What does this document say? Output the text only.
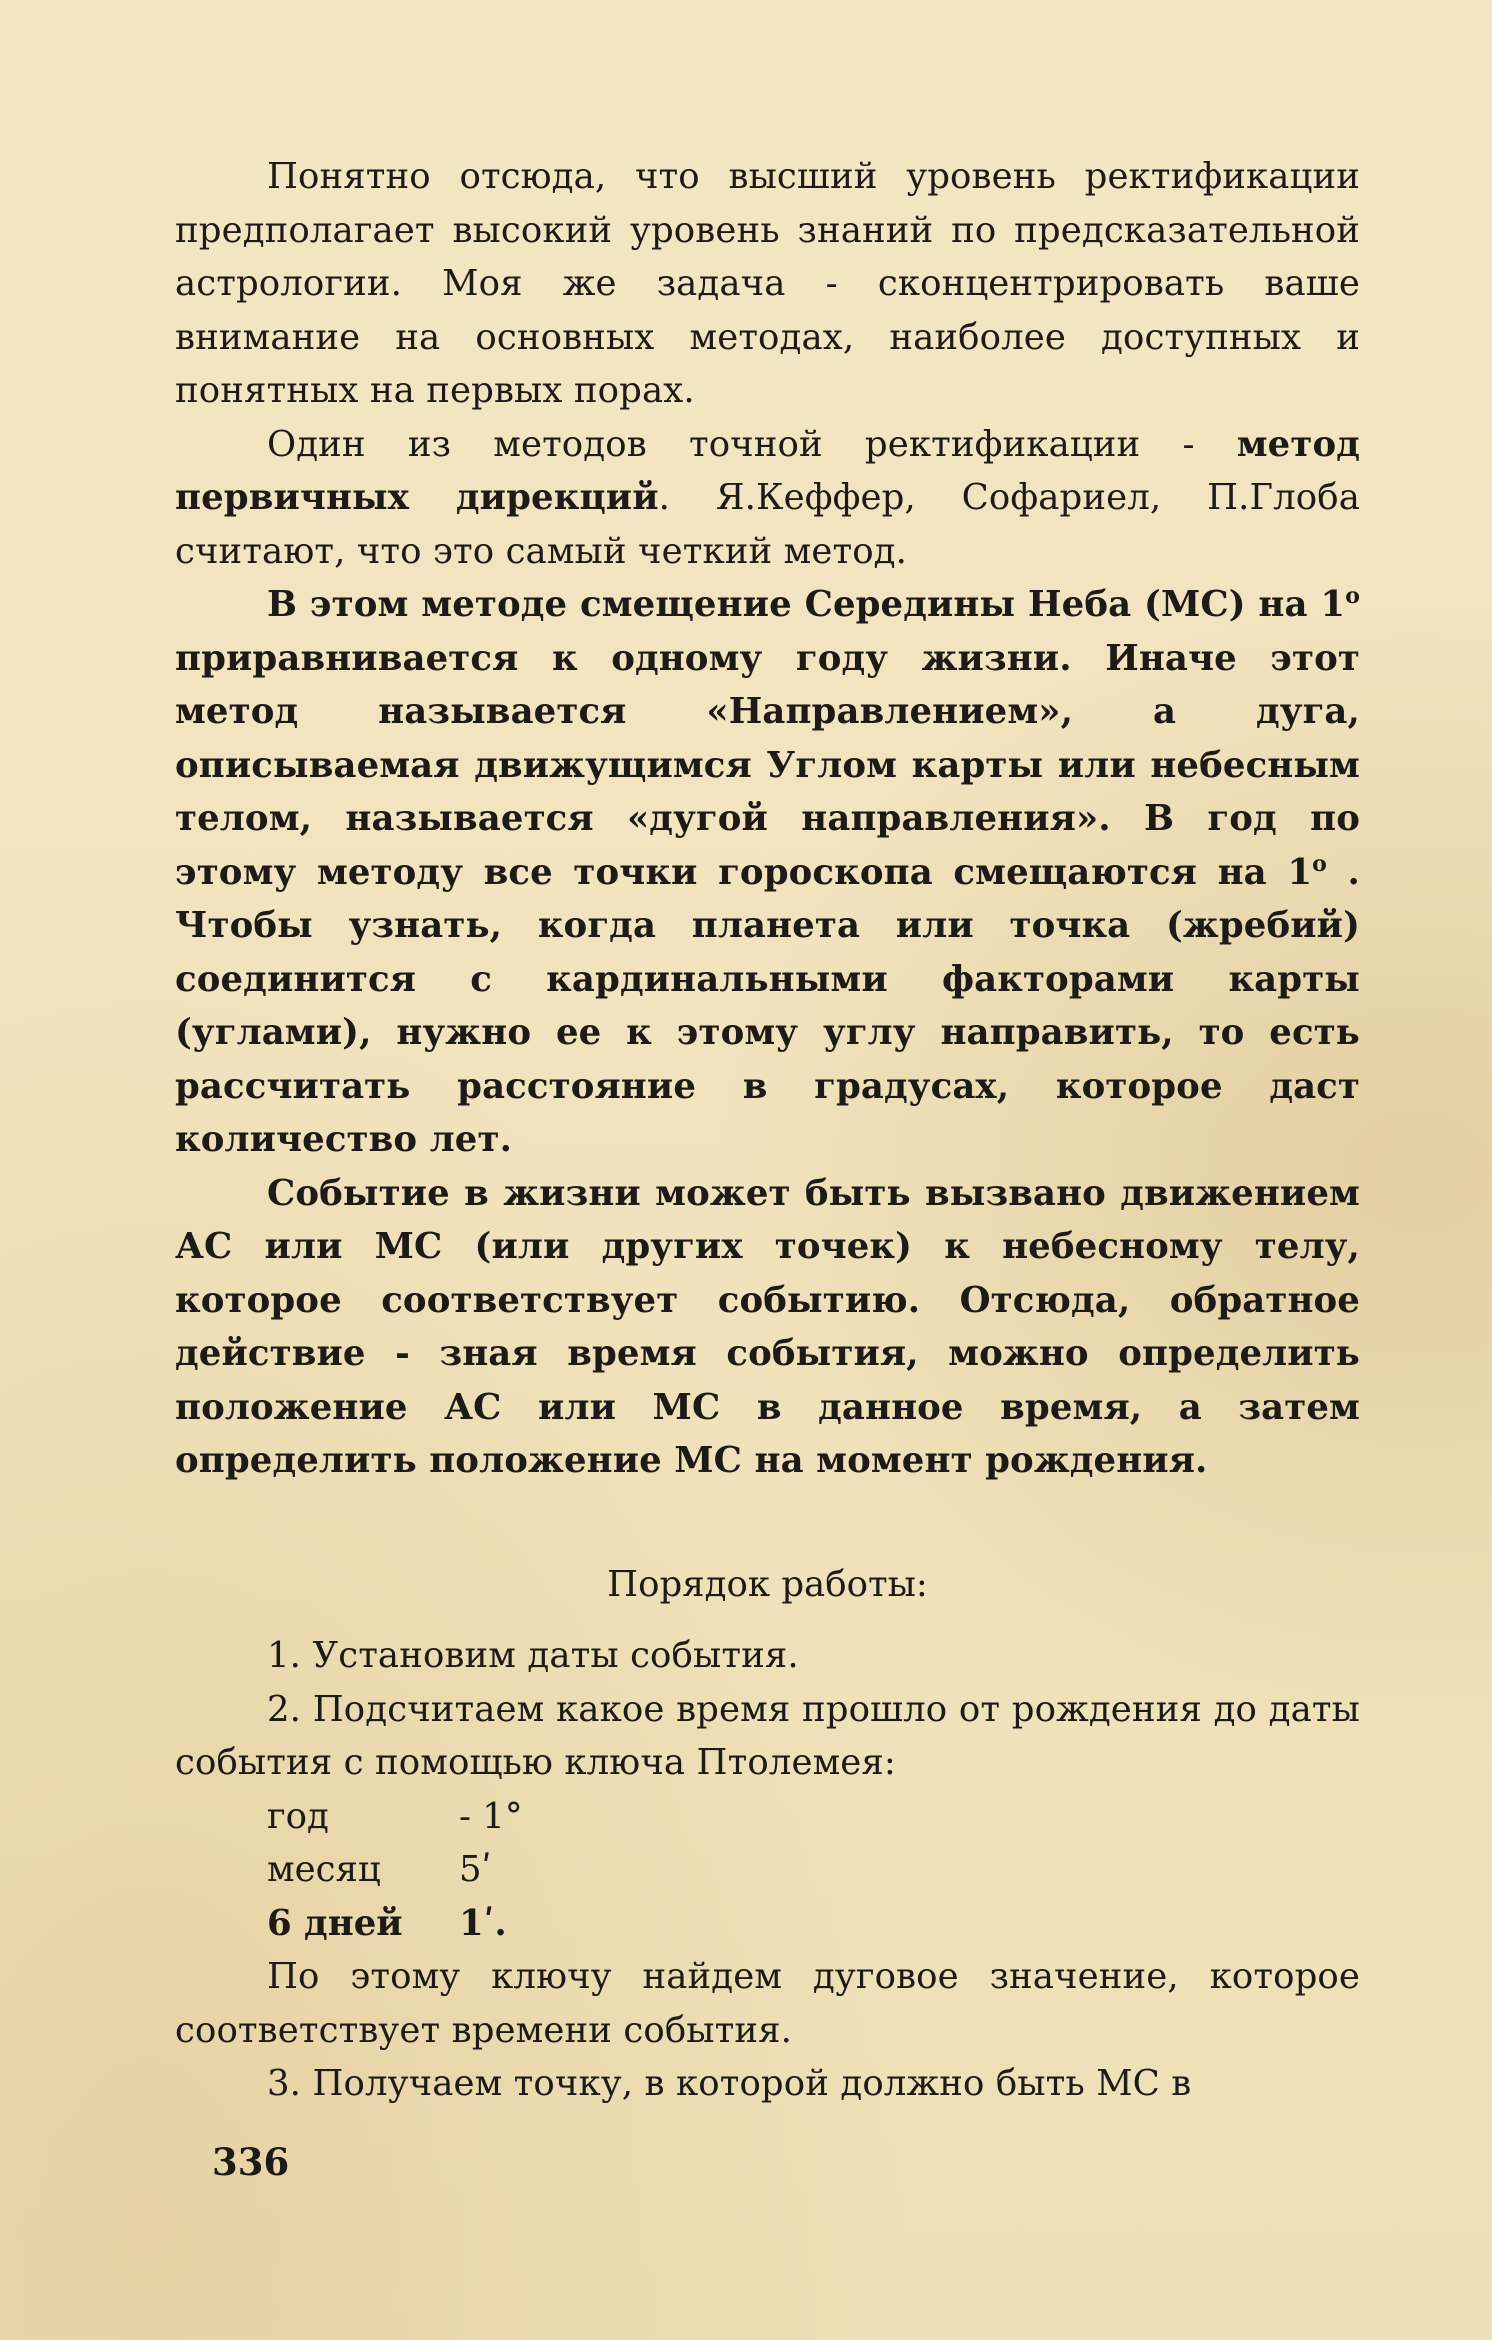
Понятно отсюда, что высший уровень ректификации предполагает высокий уровень знаний по предсказательной астрологии. Моя же задача - сконцентрировать ваше внимание на основных методах, наиболее доступных и понятных на первых порах.

Один из методов точной ректификации - метод первичных дирекций. Я.Кеффер, Софариел, П.Глоба считают, что это самый четкий метод.

В этом методе смещение Середины Неба (МС) на 1$^o$ приравнивается к одному году жизни. Иначе этот метод называется «Направлением», а дуга, описываемая движущимся Углом карты или небесным телом, называется «дугой направления». В год по этому методу все точки гороскопа смещаются на 1$^o$ . Чтобы узнать, когда планета или точка (жребий) соединится с кардинальными факторами карты (углами), нужно ее к этому углу направить, то есть рассчитать расстояние в градусах, которое даст количество лет.

Событие в жизни может быть вызвано движением АС или МС (или других точек) к небесному телу, которое соответствует событию. Отсюда, обратное действие - зная время события, можно определить положение АС или МС в данное время, а затем определить положение МС на момент рождения.

Порядок работы:

1. Установим даты события.

2. Подсчитаем какое время прошло от рождения до даты события с помощью ключа Птолемея:

год	- 1°

месяц 5ʹ

6 дней 1ʹ.

По этому ключу найдем дуговое значение, которое соответствует времени события.

3. Получаем точку, в которой должно быть МС в

336
